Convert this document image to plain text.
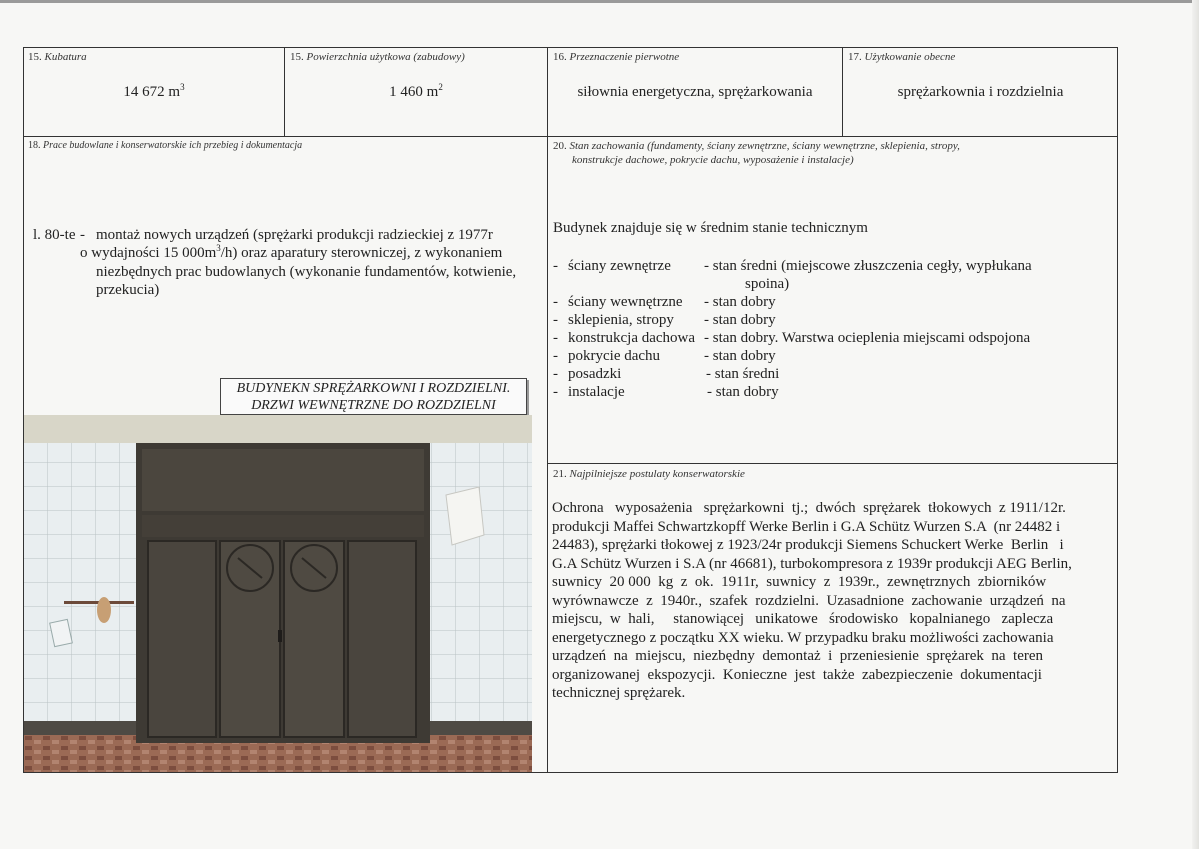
15. Kubatura
14 672 $m^3$
15. Powierzchnia użytkowa (zabudowy)
1 460 $m^2$
16. Przeznaczenie pierwotne
siłownia energetyczna, sprężarkowania
17. Użytkowanie obecne
sprężarkownia i rozdzielnia
18. Prace budowlane i konserwatorskie ich przebieg i dokumentacja
l. 80-te - montaż nowych urządzeń (sprężarki produkcji radzieckiej z 1977r
o wydajności 15 $000m^3/h$) oraz aparatury sterowniczej, z wykonaniem
niezbędnych prac budowlanych (wykonanie fundamentów, kotwienie,
przekucia)
BUDYNEKN SPRĘŻARKOWNI I ROZDZIELNI.
DRZWI WEWNĘTRZNE DO ROZDZIELNI
20. Stan zachowania (fundamenty, ściany zewnętrzne, ściany wewnętrzne, sklepienia, stropy,
konstrukcje dachowe, pokrycie dachu, wyposażenie i instalacje)
Budynek znajduje się w średnim stanie technicznym
- ściany zewnętrze - stan średni (miejscowe złuszczenia cegły, wypłukana
spoina)
- ściany wewnętrzne - stan dobry
- sklepienia, stropy - stan dobry
- konstrukcja dachowa - stan dobry. Warstwa ocieplenia miejscami odspojona
- pokrycie dachu	- stan dobry
- posadzki	- stan średni
- instalacje	- stan dobry
21. Najpilniejsze postulaty konserwatorskie
Ochrona   wyposażenia   sprężarkowni  tj.;  dwóch  sprężarek  tłokowych  z 1911/12r.
produkcji Maffei Schwartzkopff Werke Berlin i G.A Schütz Wurzen S.A  (nr 24482 i
24483), sprężarki tłokowej z 1923/24r produkcji Siemens Schuckert Werke  Berlin   i
G.A Schütz Wurzen i S.A (nr 46681), turbokompresora z 1939r produkcji AEG Berlin,
suwnicy  20 000  kg  z  ok.  1911r,  suwnicy  z  1939r.,  zewnętrznych  zbiorników
wyrównawcze  z  1940r.,  szafek  rozdzielni.  Uzasadnione  zachowanie  urządzeń  na
miejscu,  w  hali,     stanowiącej   unikatowe   środowisko   kopalnianego   zaplecza
energetycznego z początku XX wieku. W przypadku braku możliwości zachowania
urządzeń  na  miejscu,  niezbędny  demontaż  i  przeniesienie  sprężarek  na  teren
organizowanej  ekspozycji.  Konieczne  jest  także  zabezpieczenie  dokumentacji
technicznej sprężarek.
